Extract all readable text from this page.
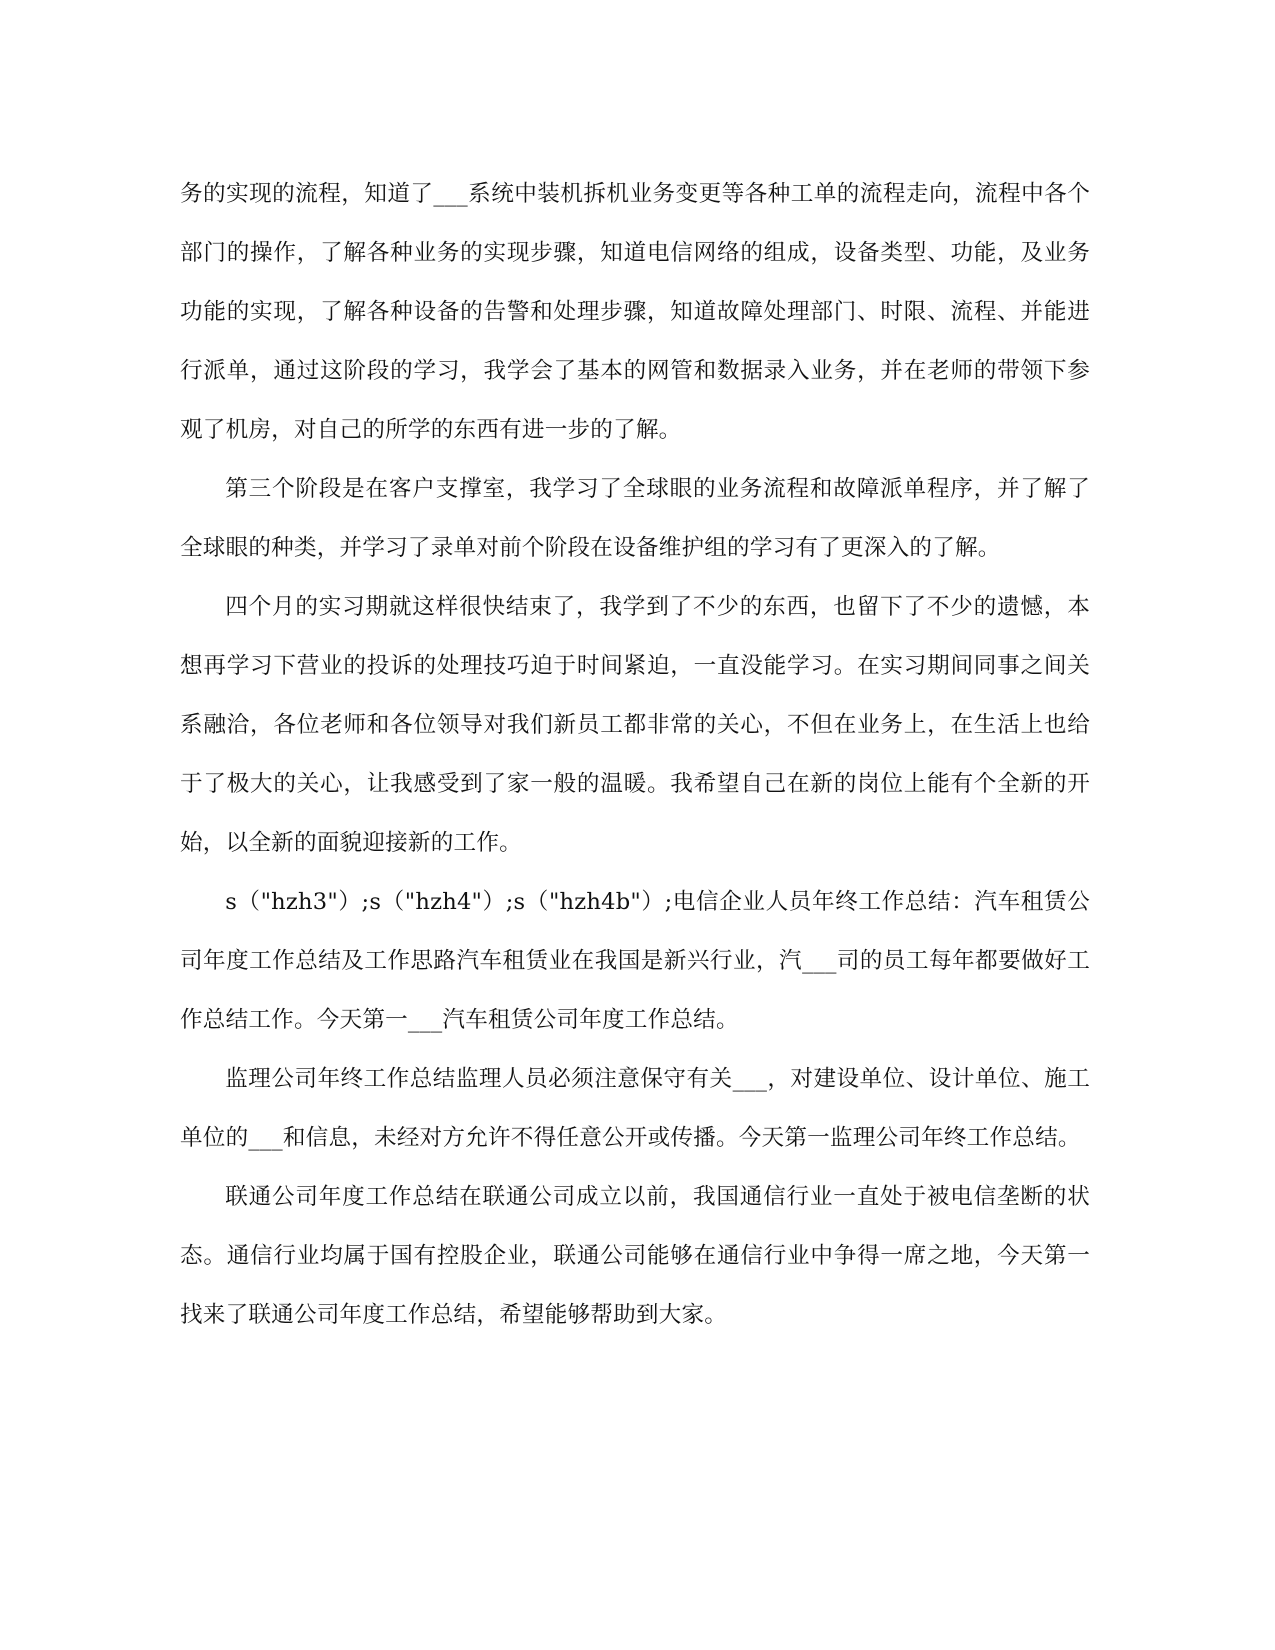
务的实现的流程，知道了___系统中装机拆机业务变更等各种工单的流程走向，流程中各个部门的操作，了解各种业务的实现步骤，知道电信网络的组成，设备类型、功能，及业务功能的实现，了解各种设备的告警和处理步骤，知道故障处理部门、时限、流程、并能进行派单，通过这阶段的学习，我学会了基本的网管和数据录入业务，并在老师的带领下参观了机房，对自己的所学的东西有进一步的了解。

第三个阶段是在客户支撑室，我学习了全球眼的业务流程和故障派单程序，并了解了全球眼的种类，并学习了录单对前个阶段在设备维护组的学习有了更深入的了解。

四个月的实习期就这样很快结束了，我学到了不少的东西，也留下了不少的遗憾，本想再学习下营业的投诉的处理技巧迫于时间紧迫，一直没能学习。在实习期间同事之间关系融洽，各位老师和各位领导对我们新员工都非常的关心，不但在业务上，在生活上也给于了极大的关心，让我感受到了家一般的温暖。我希望自己在新的岗位上能有个全新的开始，以全新的面貌迎接新的工作。

s（"hzh3"）;s（"hzh4"）;s（"hzh4b"）;电信企业人员年终工作总结：汽车租赁公司年度工作总结及工作思路汽车租赁业在我国是新兴行业，汽___司的员工每年都要做好工作总结工作。今天第一___汽车租赁公司年度工作总结。

监理公司年终工作总结监理人员必须注意保守有关___，对建设单位、设计单位、施工单位的___和信息，未经对方允许不得任意公开或传播。今天第一监理公司年终工作总结。

联通公司年度工作总结在联通公司成立以前，我国通信行业一直处于被电信垄断的状态。通信行业均属于国有控股企业，联通公司能够在通信行业中争得一席之地，今天第一找来了联通公司年度工作总结，希望能够帮助到大家。
